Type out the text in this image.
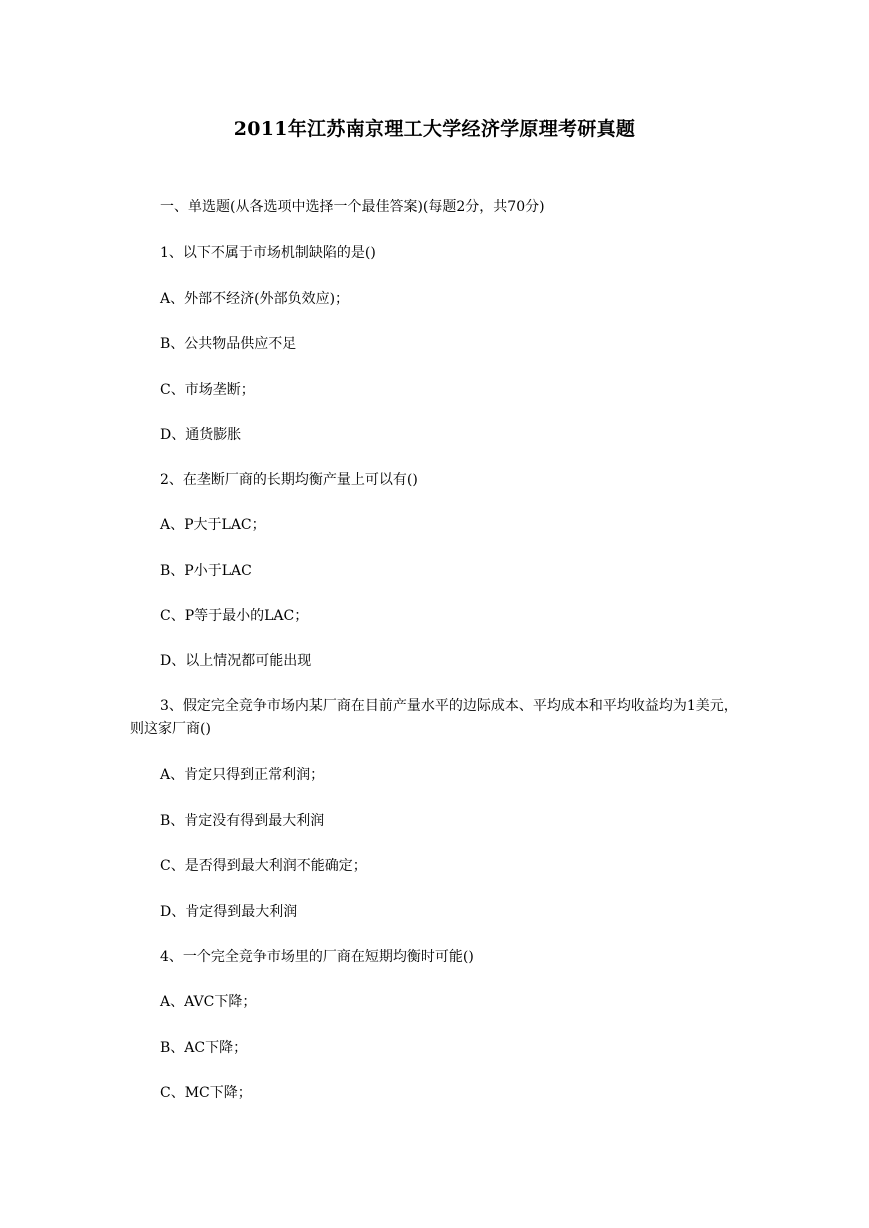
2011年江苏南京理工大学经济学原理考研真题
一、单选题(从各选项中选择一个最佳答案)(每题2分，共70分)
1、以下不属于市场机制缺陷的是()
A、外部不经济(外部负效应)；
B、公共物品供应不足
C、市场垄断；
D、通货膨胀
2、在垄断厂商的长期均衡产量上可以有()
A、P大于LAC；
B、P小于LAC
C、P等于最小的LAC；
D、以上情况都可能出现
3、假定完全竞争市场内某厂商在目前产量水平的边际成本、平均成本和平均收益均为1美元，则这家厂商()
A、肯定只得到正常利润；
B、肯定没有得到最大利润
C、是否得到最大利润不能确定；
D、肯定得到最大利润
4、一个完全竞争市场里的厂商在短期均衡时可能()
A、AVC下降；
B、AC下降；
C、MC下降；
